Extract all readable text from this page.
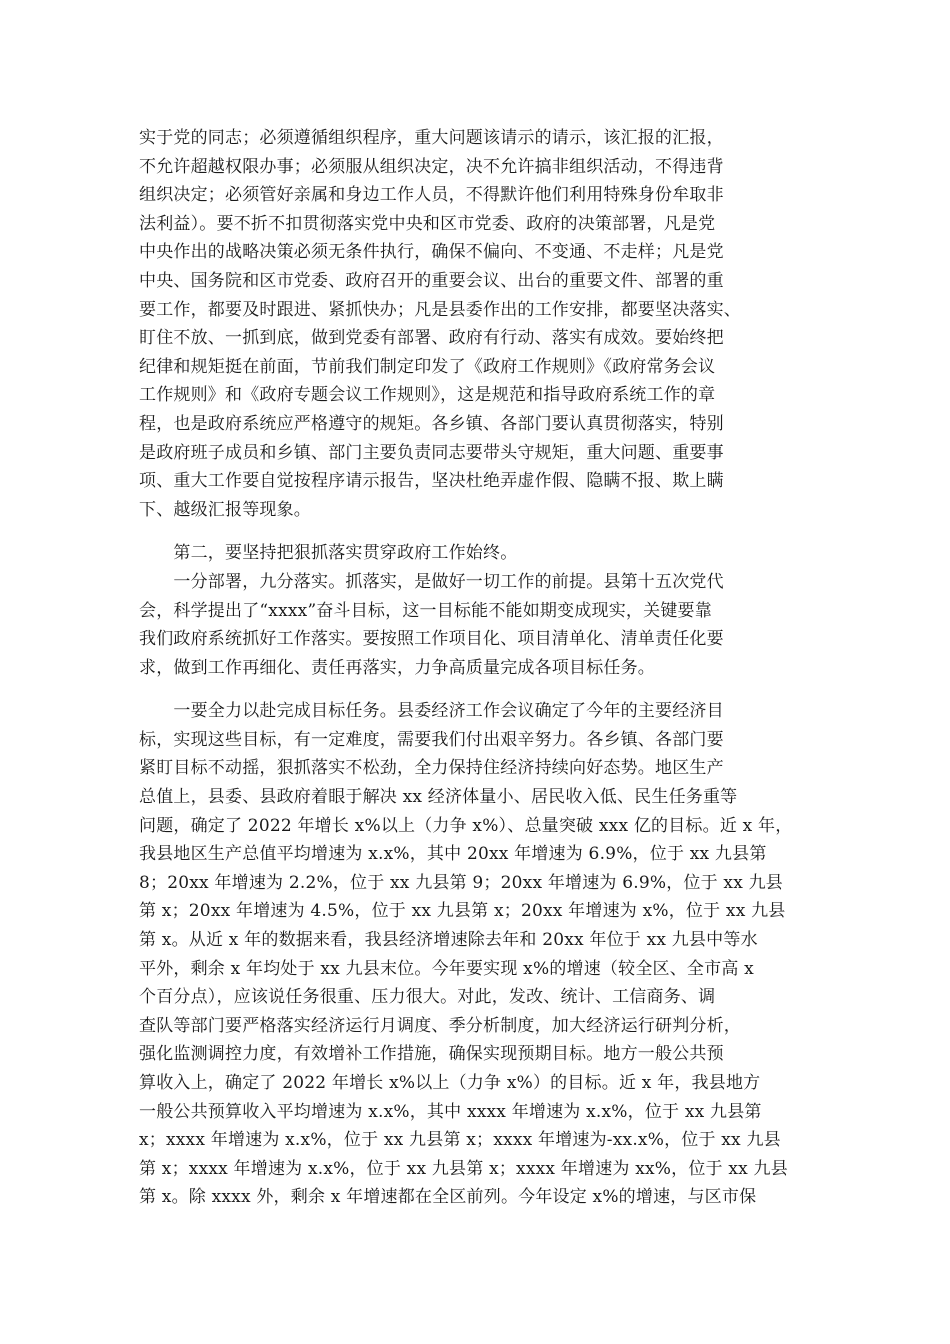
实于党的同志；必须遵循组织程序，重大问题该请示的请示，该汇报的汇报，
不允许超越权限办事；必须服从组织决定，决不允许搞非组织活动，不得违背
组织决定；必须管好亲属和身边工作人员，不得默许他们利用特殊身份牟取非
法利益）。要不折不扣贯彻落实党中央和区市党委、政府的决策部署，凡是党
中央作出的战略决策必须无条件执行，确保不偏向、不变通、不走样；凡是党
中央、国务院和区市党委、政府召开的重要会议、出台的重要文件、部署的重
要工作，都要及时跟进、紧抓快办；凡是县委作出的工作安排，都要坚决落实、
盯住不放、一抓到底，做到党委有部署、政府有行动、落实有成效。要始终把
纪律和规矩挺在前面，节前我们制定印发了《政府工作规则》《政府常务会议
工作规则》和《政府专题会议工作规则》，这是规范和指导政府系统工作的章
程，也是政府系统应严格遵守的规矩。各乡镇、各部门要认真贯彻落实，特别
是政府班子成员和乡镇、部门主要负责同志要带头守规矩，重大问题、重要事
项、重大工作要自觉按程序请示报告，坚决杜绝弄虚作假、隐瞒不报、欺上瞒
下、越级汇报等现象。
　　第二，要坚持把狠抓落实贯穿政府工作始终。
　　一分部署，九分落实。抓落实，是做好一切工作的前提。县第十五次党代
会，科学提出了“xxxx”奋斗目标，这一目标能不能如期变成现实，关键要靠
我们政府系统抓好工作落实。要按照工作项目化、项目清单化、清单责任化要
求，做到工作再细化、责任再落实，力争高质量完成各项目标任务。
　　一要全力以赴完成目标任务。县委经济工作会议确定了今年的主要经济目
标，实现这些目标，有一定难度，需要我们付出艰辛努力。各乡镇、各部门要
紧盯目标不动摇，狠抓落实不松劲，全力保持住经济持续向好态势。地区生产
总值上，县委、县政府着眼于解决 xx 经济体量小、居民收入低、民生任务重等
问题，确定了 2022 年增长 x%以上（力争 x%）、总量突破 xxx 亿的目标。近 x 年，
我县地区生产总值平均增速为 x.x%，其中 20xx 年增速为 6.9%，位于 xx 九县第
8；20xx 年增速为 2.2%，位于 xx 九县第 9；20xx 年增速为 6.9%，位于 xx 九县
第 x；20xx 年增速为 4.5%，位于 xx 九县第 x；20xx 年增速为 x%，位于 xx 九县
第 x。从近 x 年的数据来看，我县经济增速除去年和 20xx 年位于 xx 九县中等水
平外，剩余 x 年均处于 xx 九县末位。今年要实现 x%的增速（较全区、全市高 x
个百分点），应该说任务很重、压力很大。对此，发改、统计、工信商务、调
查队等部门要严格落实经济运行月调度、季分析制度，加大经济运行研判分析，
强化监测调控力度，有效增补工作措施，确保实现预期目标。地方一般公共预
算收入上，确定了 2022 年增长 x%以上（力争 x%）的目标。近 x 年，我县地方
一般公共预算收入平均增速为 x.x%，其中 xxxx 年增速为 x.x%，位于 xx 九县第
x；xxxx 年增速为 x.x%，位于 xx 九县第 x；xxxx 年增速为-xx.x%，位于 xx 九县
第 x；xxxx 年增速为 x.x%，位于 xx 九县第 x；xxxx 年增速为 xx%，位于 xx 九县
第 x。除 xxxx 外，剩余 x 年增速都在全区前列。今年设定 x%的增速，与区市保
